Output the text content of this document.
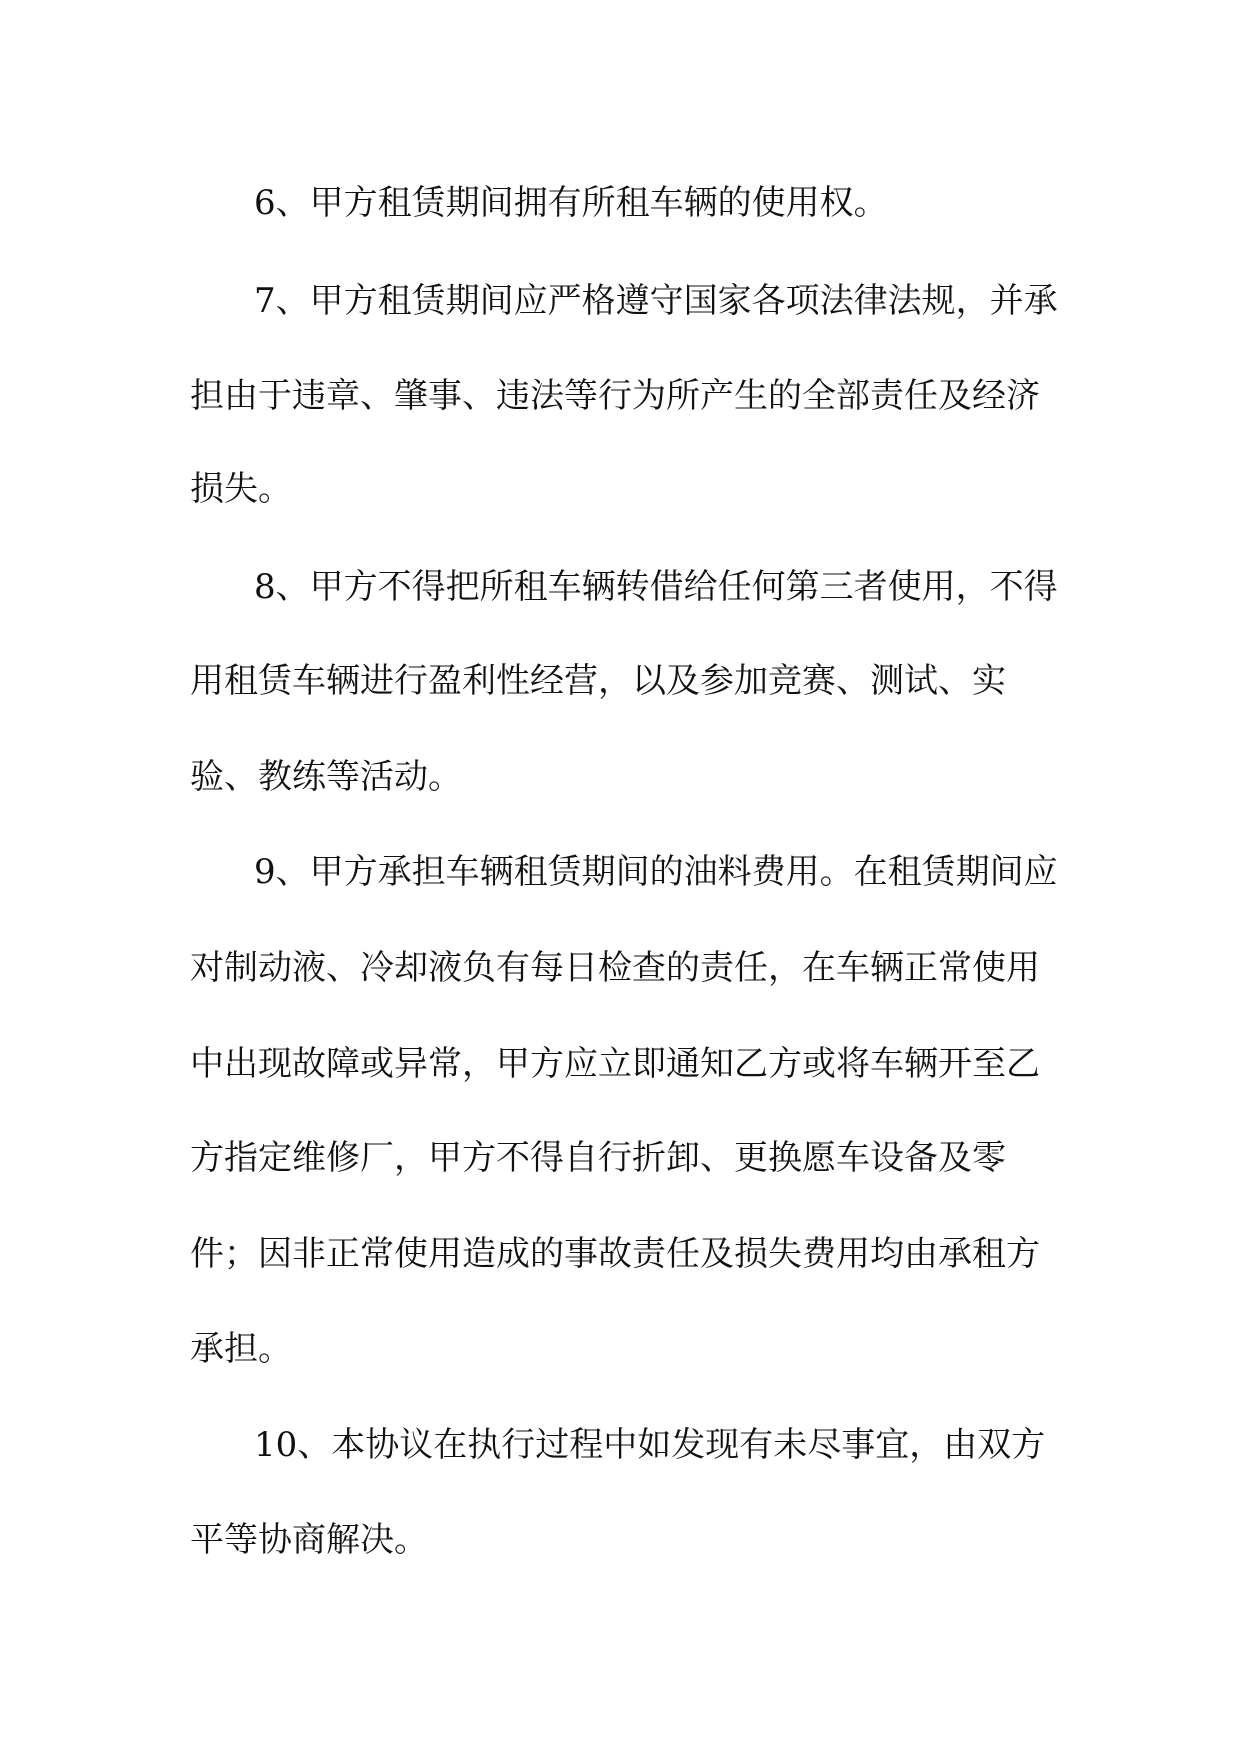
6、甲方租赁期间拥有所租车辆的使用权。
7、甲方租赁期间应严格遵守国家各项法律法规，并承
担由于违章、肇事、违法等行为所产生的全部责任及经济
损失。
8、甲方不得把所租车辆转借给任何第三者使用，不得
用租赁车辆进行盈利性经营，以及参加竞赛、测试、实
验、教练等活动。
9、甲方承担车辆租赁期间的油料费用。在租赁期间应
对制动液、冷却液负有每日检查的责任，在车辆正常使用
中出现故障或异常，甲方应立即通知乙方或将车辆开至乙
方指定维修厂，甲方不得自行折卸、更换愿车设备及零
件；因非正常使用造成的事故责任及损失费用均由承租方
承担。
10、本协议在执行过程中如发现有未尽事宜，由双方
平等协商解决。
